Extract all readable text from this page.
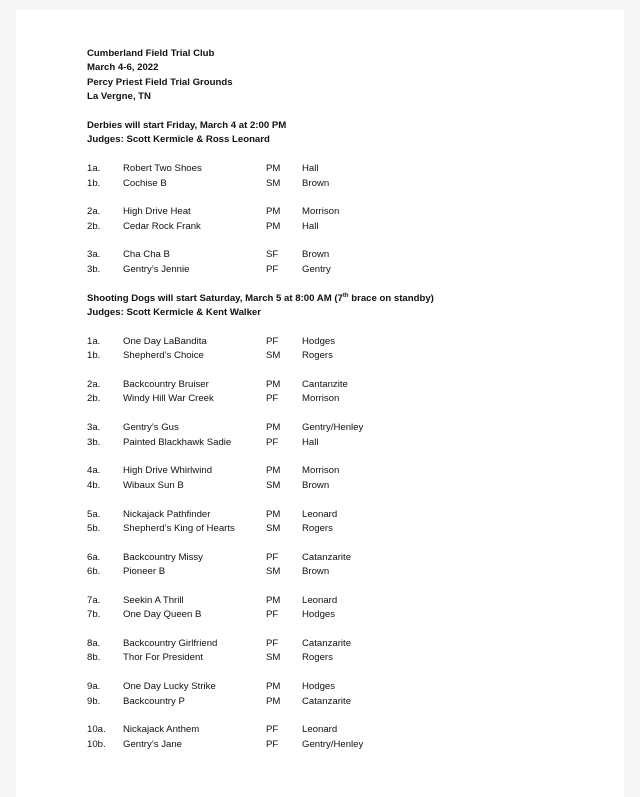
Cumberland Field Trial Club
March 4-6, 2022
Percy Priest Field Trial Grounds
La Vergne, TN
Derbies will start Friday, March 4 at 2:00 PM
Judges: Scott Kermicle & Ross Leonard
1a. Robert Two Shoes	PM Hall
1b. Cochise B	SM Brown
2a. High Drive Heat	PM Morrison
2b. Cedar Rock Frank	PM Hall
3a. Cha Cha B	SF Brown
3b. Gentry’s Jennie	PF Gentry
Shooting Dogs will start Saturday, March 5 at 8:00 AM (7th brace on standby)
Judges: Scott Kermicle & Kent Walker
1a. One Day LaBandita	PF Hodges
1b. Shepherd’s Choice	SM Rogers
2a. Backcountry Bruiser	PM Cantanzite
2b. Windy Hill War Creek	PF Morrison
3a. Gentry’s Gus	PM Gentry/Henley
3b. Painted Blackhawk Sadie	PF Hall
4a. High Drive Whirlwind	PM Morrison
4b. Wibaux Sun B	SM Brown
5a. Nickajack Pathfinder	PM Leonard
5b. Shepherd’s King of Hearts	SM Rogers
6a. Backcountry Missy	PF Catanzarite
6b. Pioneer B	SM Brown
7a. Seekin A Thrill	PM Leonard
7b. One Day Queen B	PF Hodges
8a. Backcountry Girlfriend	PF Catanzarite
8b. Thor For President	SM Rogers
9a. One Day Lucky Strike	PM Hodges
9b. Backcountry P	PM Catanzarite
10a. Nickajack Anthem	PF Leonard
10b. Gentry’s Jane	PF Gentry/Henley
